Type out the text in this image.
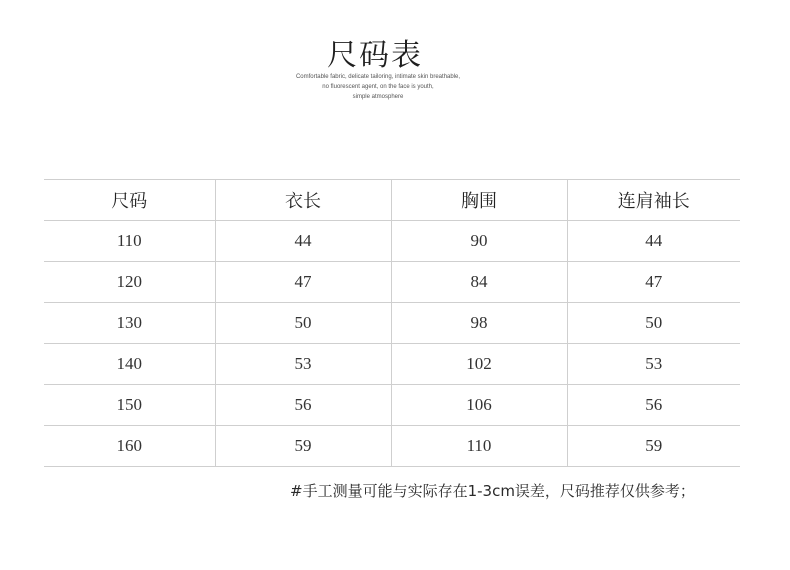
尺码表
Comfortable fabric, delicate tailoring, intimate skin breathable,
no fluorescent agent, on the face is youth,
simple atmosphere
尺码	衣长	胸围	连肩袖长
110	44	90	44
120	47	84	47
130	50	98	50
140	53	102	53
150	56	106	56
160	59	110	59
#手工测量可能与实际存在1-3cm误差，尺码推荐仅供参考；
